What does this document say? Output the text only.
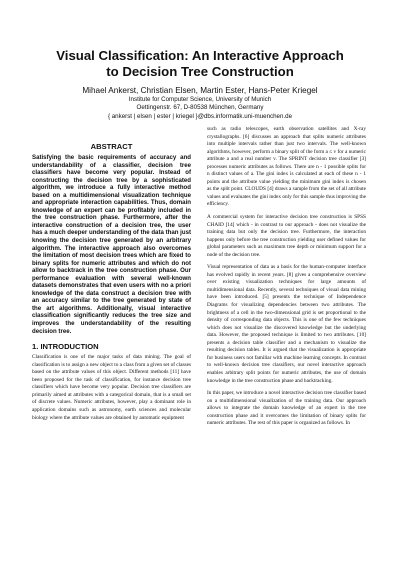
Visual Classification: An Interactive Approach
to Decision Tree Construction
Mihael Ankerst, Christian Elsen, Martin Ester, Hans-Peter Kriegel
Institute for Computer Science, University of Munich
Oettingenstr. 67, D-80538 München, Germany
{ ankerst | elsen | ester | kriegel }@dbs.informatik.uni-muenchen.de
ABSTRACT

Satisfying the basic requirements of accuracy and understandability of a classifier, decision tree classifiers have become very popular. Instead of constructing the decision tree by a sophisticated algorithm, we introduce a fully interactive method based on a multidimensional visualization technique and appropriate interaction capabilities. Thus, domain knowledge of an expert can be profitably included in the tree construction phase. Furthermore, after the interactive construction of a decision tree, the user has a much deeper understanding of the data than just knowing the decision tree generated by an arbitrary algorithm. The interactive approach also overcomes the limitation of most decision trees which are fixed to binary splits for numeric attributes and which do not allow to backtrack in the tree construction phase. Our performance evaluation with several well-known datasets demonstrates that even users with no a priori knowledge of the data construct a decision tree with an accuracy similar to the tree generated by state of the art algorithms. Additionally, visual interactive classification significantly reduces the tree size and improves the understandability of the resulting decision tree.

1. INTRODUCTION

Classification is one of the major tasks of data mining. The goal of classification is to assign a new object to a class from a given set of classes based on the attribute values of this object. Different methods [11] have been proposed for the task of classification, for instance decision tree classifiers which have become very popular. Decision tree classifiers are primarily aimed at attributes with a categorical domain, that is a small set of discrete values. Numeric attributes, however, play a dominant role in application domains such as astronomy, earth sciences and molecular biology where the attribute values are obtained by automatic equipment

such as radio telescopes, earth observation satellites and X-ray crystallographs. [6] discusses an approach that splits numeric attributes into multiple intervals rather than just two intervals. The well-known algorithms, however, perform a binary split of the form a ≤ v for a numeric attribute a and a real number v. The SPRINT decision tree classifier [3] processes numeric attributes as follows. There are n - 1 possible splits for n distinct values of a. The gini index is calculated at each of these n - 1 points and the attribute value yielding the minimum gini index is chosen as the split point. CLOUDS [4] draws a sample from the set of all attribute values and evaluates the gini index only for this sample thus improving the efficiency.

A commercial system for interactive decision tree construction is SPSS CHAID [14] which - in contrast to our approach - does not visualize the training data but only the decision tree. Furthermore, the interaction happens only before the tree construction yielding user defined values for global parameters such as maximum tree depth or minimum support for a node of the decision tree.

Visual representation of data as a basis for the human-computer interface has evolved rapidly in recent years. [8] gives a comprehensive overview over existing visualization techniques for large amounts of multidimensional data. Recently, several techniques of visual data mining have been introduced. [5] presents the technique of Independence Diagrams for visualizing dependencies between two attributes. The brightness of a cell in the two-dimensional grid is set proportional to the density of corresponding data objects. This is one of the few techniques which does not visualize the discovered knowledge but the underlying data. However, the proposed technique is limited to two attributes. [10] presents a decision table classifier and a mechanism to visualize the resulting decision tables. It is argued that the visualization is appropriate for business users not familiar with machine learning concepts. In contrast to well-known decision tree classifiers, our novel interactive approach enables arbitrary split points for numeric attributes, the use of domain knowledge in the tree construction phase and backtracking.

In this paper, we introduce a novel interactive decision tree classifier based on a multidimensional visualization of the training data. Our approach allows to integrate the domain knowledge of an expert in the tree construction phase and it overcomes the limitation of binary splits for numeric attributes. The rest of this paper is organized as follows. In
